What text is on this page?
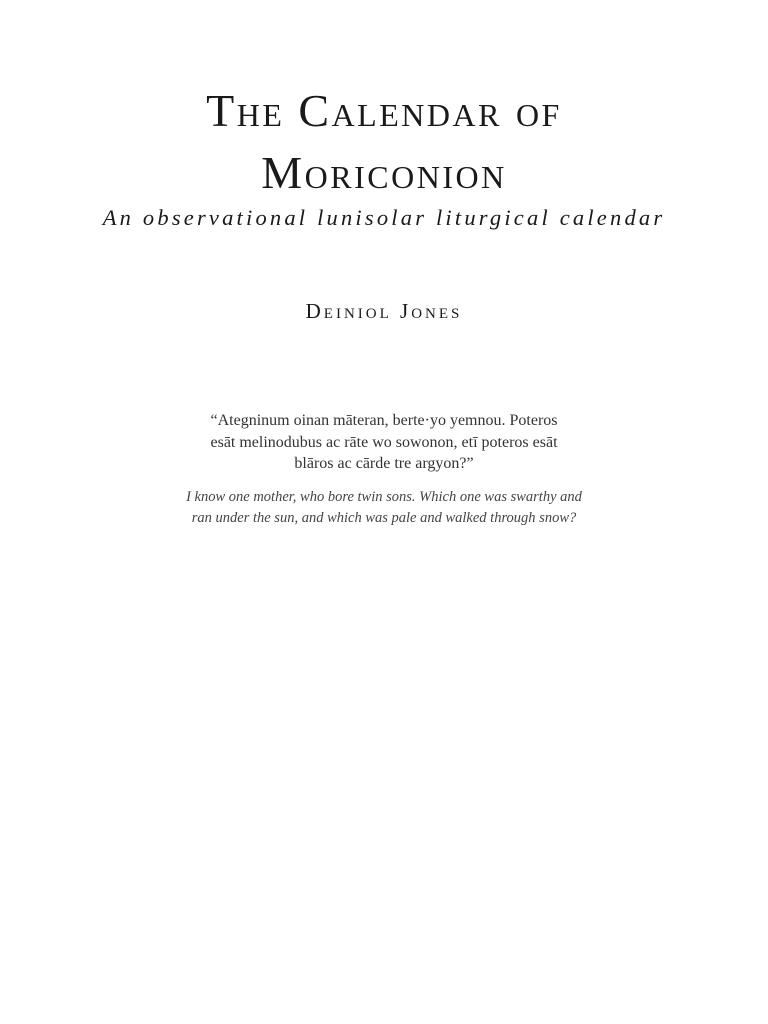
The Calendar of
Moriconion

An observational lunisolar liturgical calendar

Deiniol Jones

“Ategninum oinan māteran, berte·yo yemnou. Poteros
esāt melinodubus ac rāte wo sowonon, etī poteros esāt
blāros ac cārde tre argyon?”

I know one mother, who bore twin sons. Which one was swarthy and
ran under the sun, and which was pale and walked through snow?
